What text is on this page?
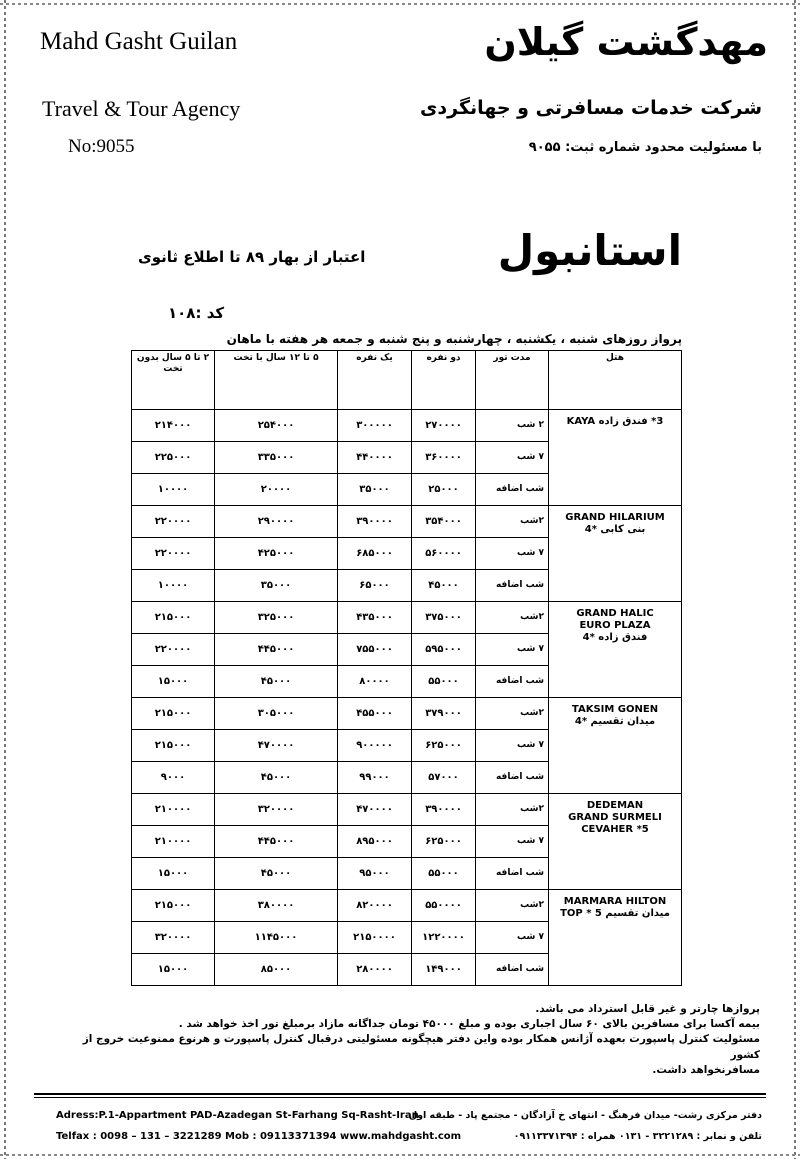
Mahd Gasht Guilan
Travel & Tour Agency
No:9055
مهدگشت گیلان
شرکت خدمات مسافرتی و جهانگردی
با مسئولیت محدود شماره ثبت: ۹۰۵۵
استانبول
اعتبار از بهار ۸۹ تا اطلاع ثانوی
کد :۱۰۸
پرواز روزهای شنبه ، یکشنبه ، چهارشنبه و پنج شنبه و جمعه هر هفته با ماهان
هتل	مدت تور	دو نفره	یک نفره	۵ تا ۱۲ سال با تخت	۲ تا ۵ سال بدون تخت

3* فندق زاده KAYA	۲ شب	۲۷۰۰۰۰	۳۰۰۰۰۰	۲۵۴۰۰۰	۲۱۴۰۰۰
	۷ شب	۳۶۰۰۰۰	۴۴۰۰۰۰	۳۳۵۰۰۰	۲۲۵۰۰۰
	شب اضافه	۲۵۰۰۰	۳۵۰۰۰	۲۰۰۰۰	۱۰۰۰۰

GRAND HILARIUM
بنی کابی *4	۲شب	۳۵۴۰۰۰	۳۹۰۰۰۰	۲۹۰۰۰۰	۲۲۰۰۰۰
	۷ شب	۵۶۰۰۰۰	۶۸۵۰۰۰	۴۲۵۰۰۰	۲۲۰۰۰۰
	شب اضافه	۴۵۰۰۰	۶۵۰۰۰	۳۵۰۰۰	۱۰۰۰۰

GRAND HALIC
EURO PLAZA
فندق زاده *4	۲شب	۳۷۵۰۰۰	۴۳۵۰۰۰	۳۲۵۰۰۰	۲۱۵۰۰۰
	۷ شب	۵۹۵۰۰۰	۷۵۵۰۰۰	۴۴۵۰۰۰	۲۲۰۰۰۰
	شب اضافه	۵۵۰۰۰	۸۰۰۰۰	۴۵۰۰۰	۱۵۰۰۰

TAKSIM GONEN
میدان تقسیم *4	۲شب	۳۷۹۰۰۰	۴۵۵۰۰۰	۳۰۵۰۰۰	۲۱۵۰۰۰
	۷ شب	۶۲۵۰۰۰	۹۰۰۰۰۰	۴۷۰۰۰۰	۲۱۵۰۰۰
	شب اضافه	۵۷۰۰۰	۹۹۰۰۰	۴۵۰۰۰	۹۰۰۰

DEDEMAN
GRAND SURMELI
CEVAHER *5	۲شب	۳۹۰۰۰۰	۴۷۰۰۰۰	۳۲۰۰۰۰	۲۱۰۰۰۰
	۷ شب	۶۲۵۰۰۰	۸۹۵۰۰۰	۴۴۵۰۰۰	۲۱۰۰۰۰
	شب اضافه	۵۵۰۰۰	۹۵۰۰۰	۴۵۰۰۰	۱۵۰۰۰

MARMARA HILTON
میدان تقسیم TOP * 5	۲شب	۵۵۰۰۰۰	۸۲۰۰۰۰	۳۸۰۰۰۰	۲۱۵۰۰۰
	۷ شب	۱۲۲۰۰۰۰	۲۱۵۰۰۰۰	۱۱۴۵۰۰۰	۳۲۰۰۰۰
	شب اضافه	۱۴۹۰۰۰	۲۸۰۰۰۰	۸۵۰۰۰	۱۵۰۰۰
پروازها چارتر و غیر قابل استرداد می باشد.
بیمه آکسا برای مسافرین بالای ۶۰ سال اجباری بوده و مبلغ ۴۵۰۰۰ تومان جداگانه مازاد برمبلغ تور اخذ خواهد شد .
مسئولیت کنترل پاسپورت بعهده آژانس همکار بوده واین دفتر هیچگونه مسئولیتی درقبال کنترل پاسپورت و هرنوع ممنوعیت خروج از کشور
مسافرنخواهد داشت.
Adress:P.1-Appartment PAD-Azadegan St-Farhang Sq-Rasht-Iran
Telfax : 0098 – 131 – 3221289 Mob : 09113371394 www.mahdgasht.com
دفتر مرکزی رشت- میدان فرهنگ - انتهای خ آزادگان - مجتمع پاد - طبقه اول
تلفن و نمابر : ۳۲۲۱۲۸۹ - ۰۱۳۱ همراه : ۰۹۱۱۳۳۷۱۳۹۴
